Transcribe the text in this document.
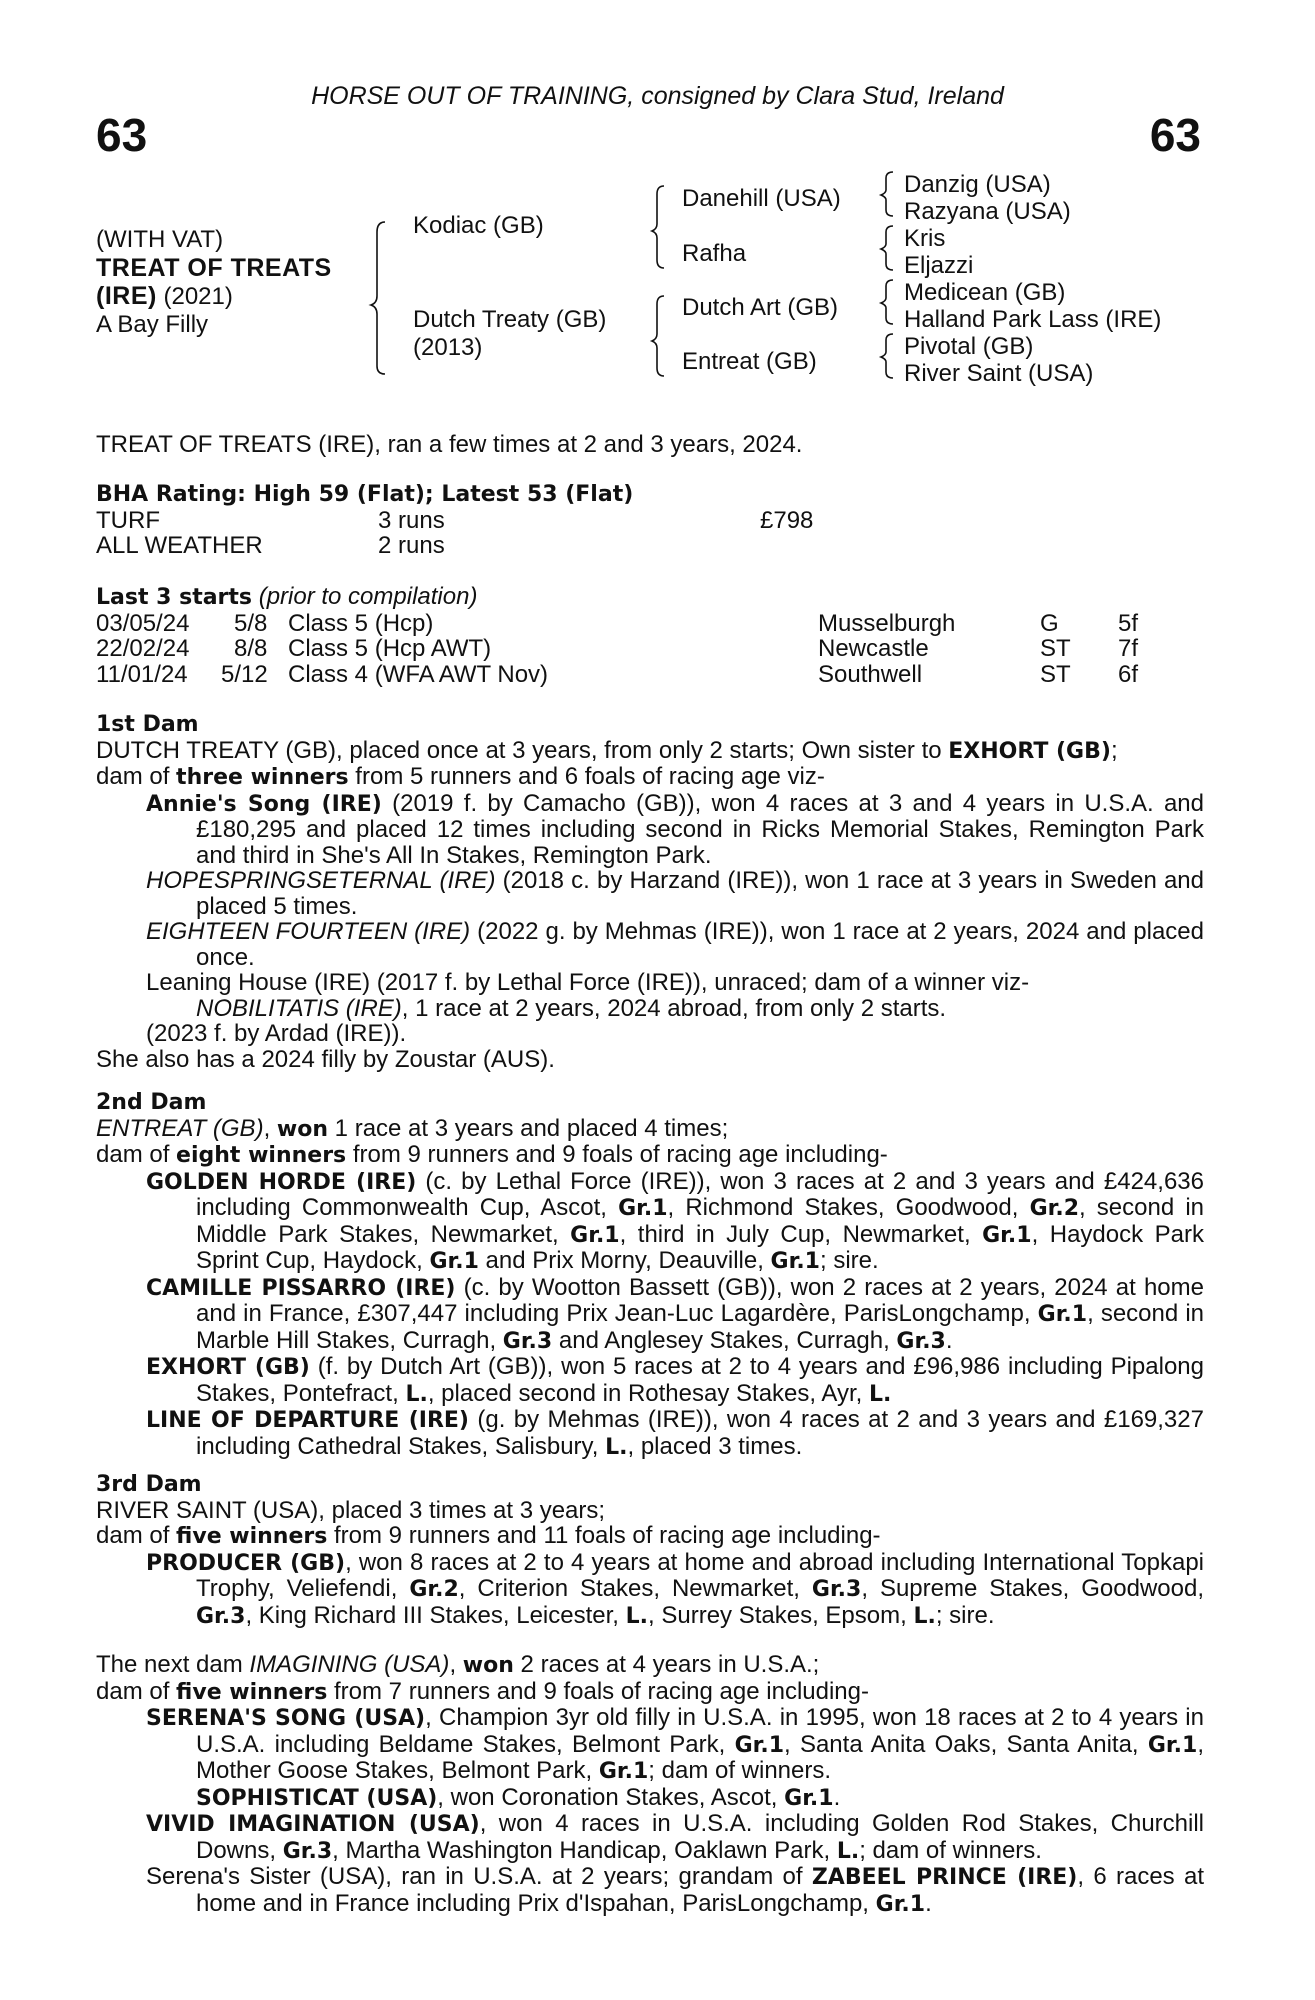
HORSE OUT OF TRAINING, consigned by Clara Stud, Ireland
63	63
(WITH VAT)
TREAT OF TREATS
(IRE) (2021)
A Bay Filly
Kodiac (GB)
Dutch Treaty (GB)
(2013)
Danehill (USA)
Rafha
Dutch Art (GB)
Entreat (GB)
Danzig (USA)
Razyana (USA)
Kris
Eljazzi
Medicean (GB)
Halland Park Lass (IRE)
Pivotal (GB)
River Saint (USA)
TREAT OF TREATS (IRE), ran a few times at 2 and 3 years, 2024.
BHA Rating: High 59 (Flat); Latest 53 (Flat)
TURF	3 runs	£798
ALL WEATHER	2 runs
Last 3 starts (prior to compilation)
03/05/24 5/8 Class 5 (Hcp)	Musselburgh	G 5f
22/02/24 8/8 Class 5 (Hcp AWT)	Newcastle	ST 7f
11/01/24 5/12 Class 4 (WFA AWT Nov)	Southwell	ST 6f
1st Dam
DUTCH TREATY (GB), placed once at 3 years, from only 2 starts; Own sister to EXHORT (GB);
dam of three winners from 5 runners and 6 foals of racing age viz-
Annie's Song (IRE) (2019 f. by Camacho (GB)), won 4 races at 3 and 4 years in U.S.A. and £180,295 and placed 12 times including second in Ricks Memorial Stakes, Remington Park and third in She's All In Stakes, Remington Park.
HOPESPRINGSETERNAL (IRE) (2018 c. by Harzand (IRE)), won 1 race at 3 years in Sweden and placed 5 times.
EIGHTEEN FOURTEEN (IRE) (2022 g. by Mehmas (IRE)), won 1 race at 2 years, 2024 and placed once.
Leaning House (IRE) (2017 f. by Lethal Force (IRE)), unraced; dam of a winner viz-
NOBILITATIS (IRE), 1 race at 2 years, 2024 abroad, from only 2 starts.
(2023 f. by Ardad (IRE)).
She also has a 2024 filly by Zoustar (AUS).
2nd Dam
ENTREAT (GB), won 1 race at 3 years and placed 4 times;
dam of eight winners from 9 runners and 9 foals of racing age including-
GOLDEN HORDE (IRE) (c. by Lethal Force (IRE)), won 3 races at 2 and 3 years and £424,636 including Commonwealth Cup, Ascot, Gr.1, Richmond Stakes, Goodwood, Gr.2, second in Middle Park Stakes, Newmarket, Gr.1, third in July Cup, Newmarket, Gr.1, Haydock Park Sprint Cup, Haydock, Gr.1 and Prix Morny, Deauville, Gr.1; sire.
CAMILLE PISSARRO (IRE) (c. by Wootton Bassett (GB)), won 2 races at 2 years, 2024 at home and in France, £307,447 including Prix Jean-Luc Lagardère, ParisLongchamp, Gr.1, second in Marble Hill Stakes, Curragh, Gr.3 and Anglesey Stakes, Curragh, Gr.3.
EXHORT (GB) (f. by Dutch Art (GB)), won 5 races at 2 to 4 years and £96,986 including Pipalong Stakes, Pontefract, L., placed second in Rothesay Stakes, Ayr, L.
LINE OF DEPARTURE (IRE) (g. by Mehmas (IRE)), won 4 races at 2 and 3 years and £169,327 including Cathedral Stakes, Salisbury, L., placed 3 times.
3rd Dam
RIVER SAINT (USA), placed 3 times at 3 years;
dam of five winners from 9 runners and 11 foals of racing age including-
PRODUCER (GB), won 8 races at 2 to 4 years at home and abroad including International Topkapi Trophy, Veliefendi, Gr.2, Criterion Stakes, Newmarket, Gr.3, Supreme Stakes, Goodwood, Gr.3, King Richard III Stakes, Leicester, L., Surrey Stakes, Epsom, L.; sire.
The next dam IMAGINING (USA), won 2 races at 4 years in U.S.A.;
dam of five winners from 7 runners and 9 foals of racing age including-
SERENA'S SONG (USA), Champion 3yr old filly in U.S.A. in 1995, won 18 races at 2 to 4 years in U.S.A. including Beldame Stakes, Belmont Park, Gr.1, Santa Anita Oaks, Santa Anita, Gr.1, Mother Goose Stakes, Belmont Park, Gr.1; dam of winners.
SOPHISTICAT (USA), won Coronation Stakes, Ascot, Gr.1.
VIVID IMAGINATION (USA), won 4 races in U.S.A. including Golden Rod Stakes, Churchill Downs, Gr.3, Martha Washington Handicap, Oaklawn Park, L.; dam of winners.
Serena's Sister (USA), ran in U.S.A. at 2 years; grandam of ZABEEL PRINCE (IRE), 6 races at home and in France including Prix d'Ispahan, ParisLongchamp, Gr.1.
